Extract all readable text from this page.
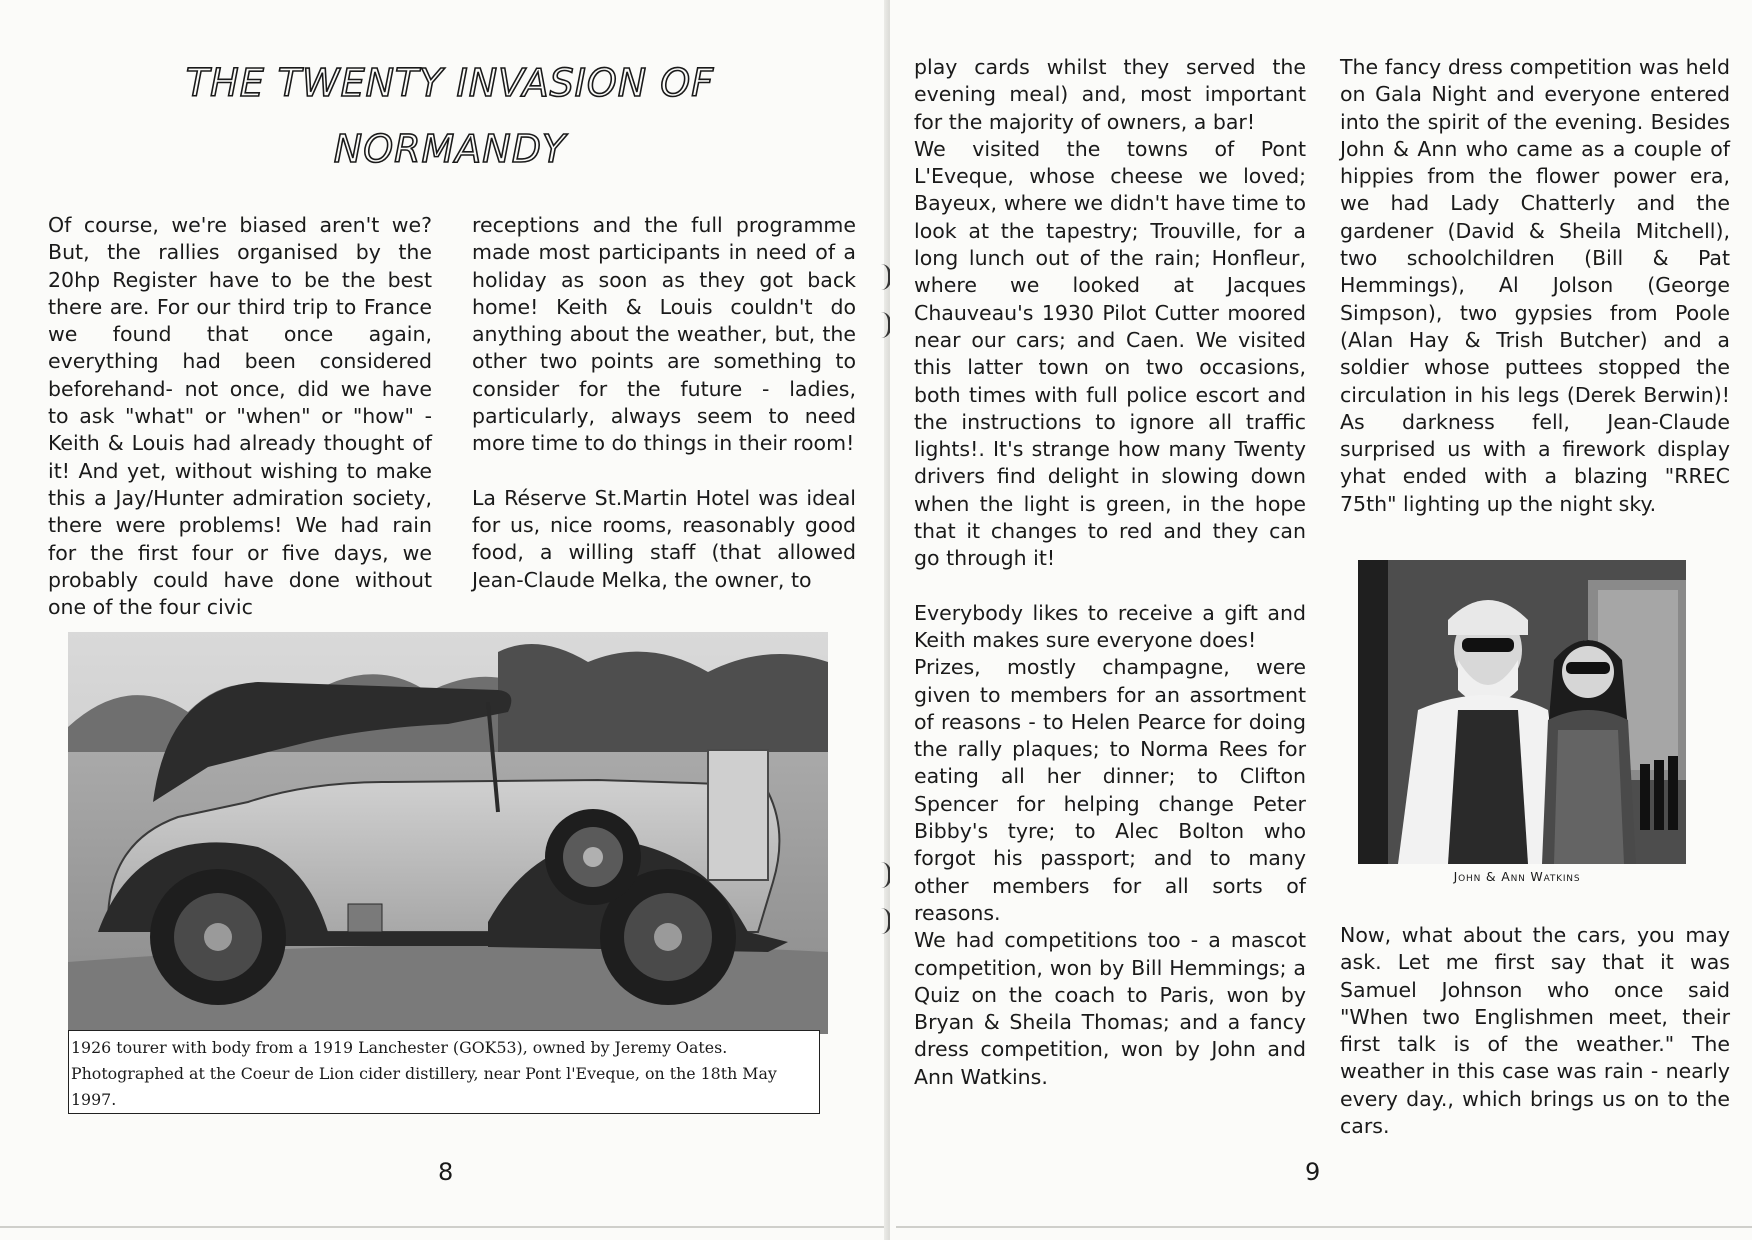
THE TWENTY INVASION OF
NORMANDY

Of course, we're biased aren't we? But, the rallies organised by the 20hp Register have to be the best there are. For our third trip to France we found that once again, everything had been considered beforehand- not once, did we have to ask "what" or "when" or "how" - Keith & Louis had already thought of it! And yet, without wishing to make this a Jay/Hunter admiration society, there were problems! We had rain for the first four or five days, we probably could have done without one of the four civic

receptions and the full programme made most participants in need of a holiday as soon as they got back home! Keith & Louis couldn't do anything about the weather, but, the other two points are something to consider for the future - ladies, particularly, always seem to need more time to do things in their room!

La Réserve St.Martin Hotel was ideal for us, nice rooms, reasonably good food, a willing staff (that allowed Jean-Claude Melka, the owner, to

1926 tourer with body from a 1919 Lanchester (GOK53), owned by Jeremy Oates. Photographed at the Coeur de Lion cider distillery, near Pont l'Eveque, on the 18th May 1997.

8

play cards whilst they served the evening meal) and, most important for the majority of owners, a bar!

We visited the towns of Pont L'Eveque, whose cheese we loved; Bayeux, where we didn't have time to look at the tapestry; Trouville, for a long lunch out of the rain; Honfleur, where we looked at Jacques Chauveau's 1930 Pilot Cutter moored near our cars; and Caen. We visited this latter town on two occasions, both times with full police escort and the instructions to ignore all traffic lights!. It's strange how many Twenty drivers find delight in slowing down when the light is green, in the hope that it changes to red and they can go through it!

Everybody likes to receive a gift and Keith makes sure everyone does!

Prizes, mostly champagne, were given to members for an assortment of reasons - to Helen Pearce for doing the rally plaques; to Norma Rees for eating all her dinner; to Clifton Spencer for helping change Peter Bibby's tyre; to Alec Bolton who forgot his passport; and to many other members for all sorts of reasons.

We had competitions too - a mascot competition, won by Bill Hemmings; a Quiz on the coach to Paris, won by Bryan & Sheila Thomas; and a fancy dress competition, won by John and Ann Watkins.

The fancy dress competition was held on Gala Night and everyone entered into the spirit of the evening. Besides John & Ann who came as a couple of hippies from the flower power era, we had Lady Chatterly and the gardener (David & Sheila Mitchell), two schoolchildren (Bill & Pat Hemmings), Al Jolson (George Simpson), two gypsies from Poole (Alan Hay & Trish Butcher) and a soldier whose puttees stopped the circulation in his legs (Derek Berwin)! As darkness fell, Jean-Claude surprised us with a firework display yhat ended with a blazing "RREC 75th" lighting up the night sky.

John & Ann Watkins

Now, what about the cars, you may ask. Let me first say that it was Samuel Johnson who once said "When two Englishmen meet, their first talk is of the weather." The weather in this case was rain - nearly every day., which brings us on to the cars.

9
